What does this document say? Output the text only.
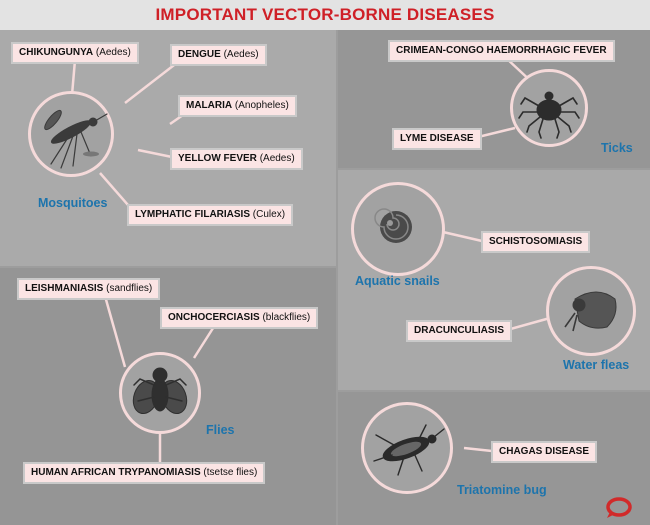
IMPORTANT VECTOR-BORNE DISEASES
CHIKUNGUNYA (Aedes)	DENGUE (Aedes)
MALARIA (Anopheles)
YELLOW FEVER (Aedes)
LYMPHATIC FILARIASIS (Culex)
Mosquitoes
CRIMEAN-CONGO HAEMORRHAGIC FEVER
LYME DISEASE
Ticks
SCHISTOSOMIASIS
Aquatic snails
DRACUNCULIASIS
Water fleas
LEISHMANIASIS (sandflies)
ONCHOCERCIASIS (blackflies)
Flies
HUMAN AFRICAN TRYPANOMIASIS (tsetse flies)
CHAGAS DISEASE
Triatomine bug
